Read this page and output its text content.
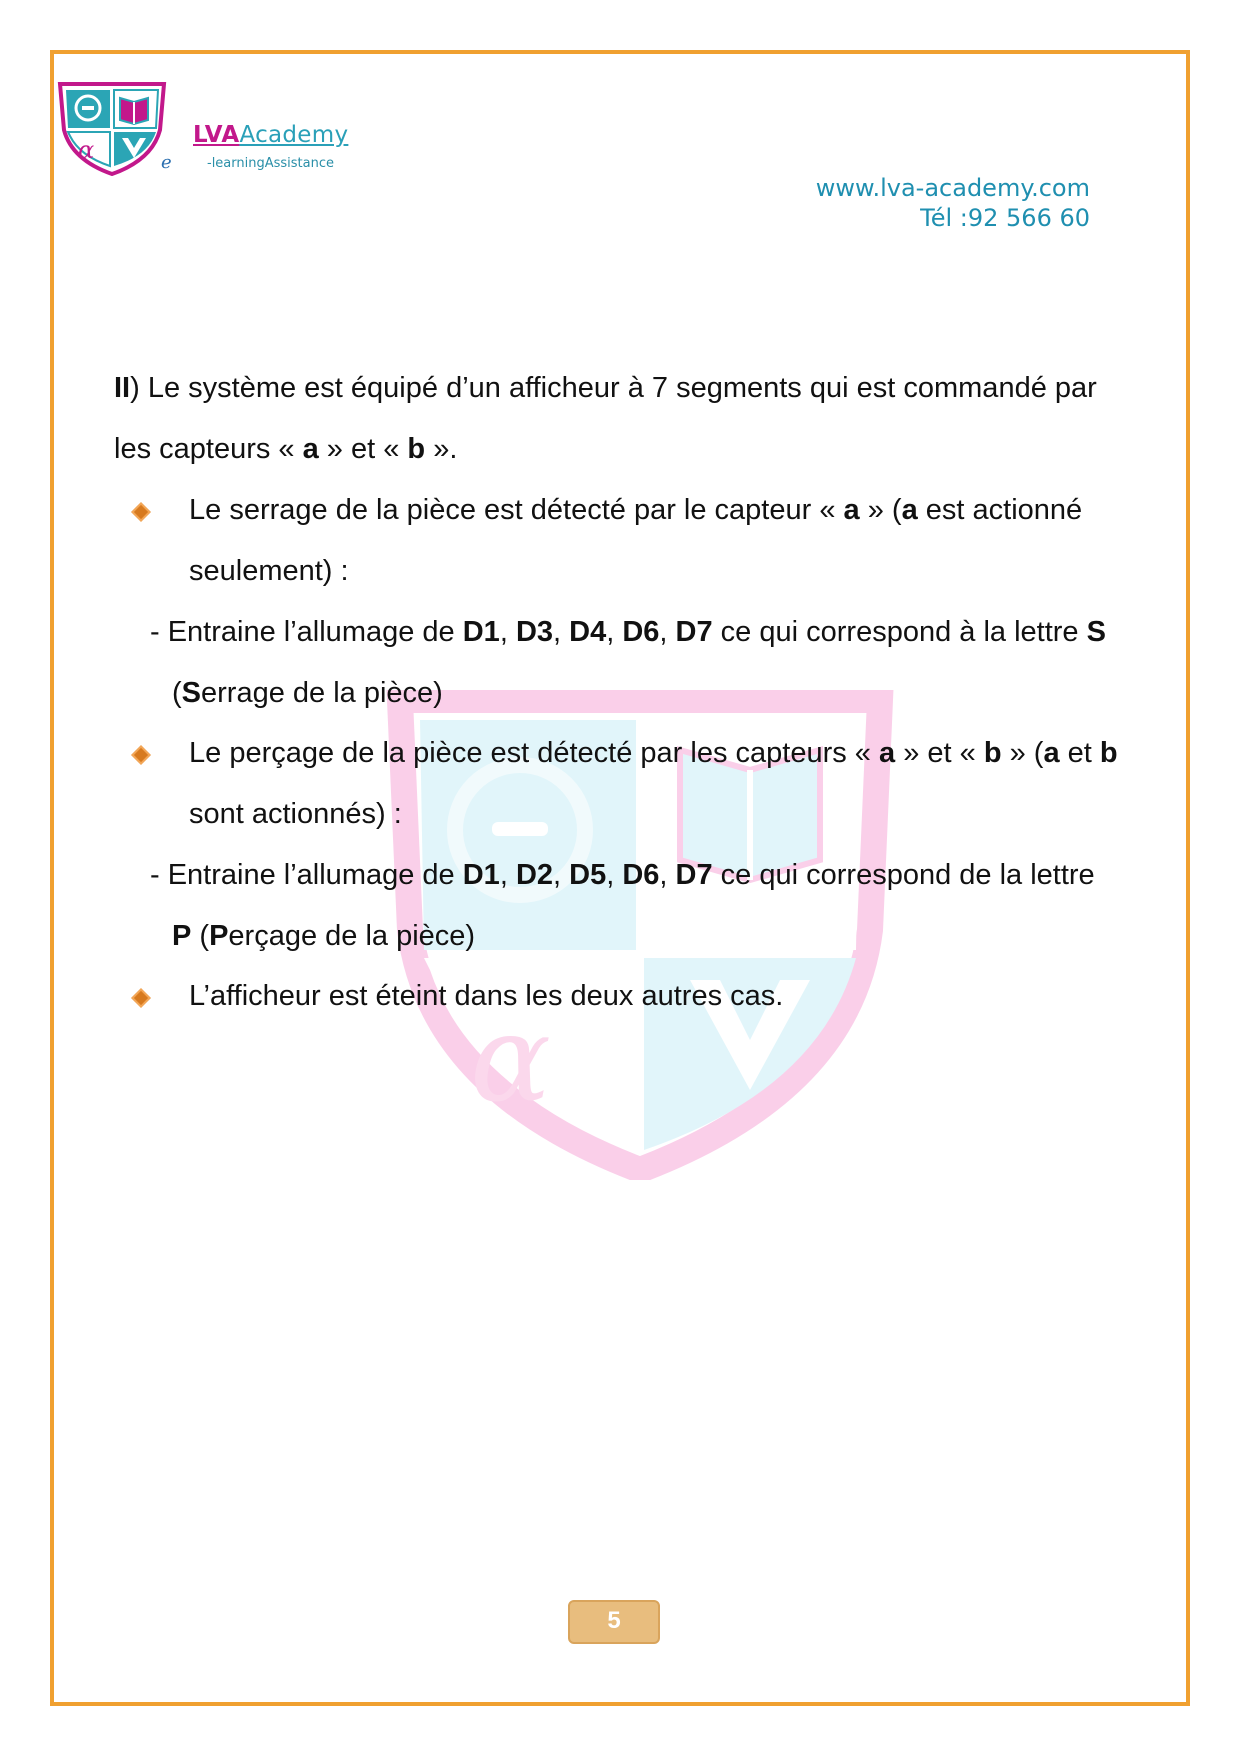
α
LVAAcademy
e	-learningAssistance
www.lva-academy.com
Tél :92 566 60
α
II) Le système est équipé d’un afficheur à 7 segments qui est commandé par
les capteurs « a » et « b ».
Le serrage de la pièce est détecté par le capteur « a » (a est actionné
seulement) :
- Entraine l’allumage de D1, D3, D4, D6, D7 ce qui correspond à la lettre S
(Serrage de la pièce)
Le perçage de la pièce est détecté par les capteurs « a » et « b » (a et b
sont actionnés) :
- Entraine l’allumage de D1, D2, D5, D6, D7 ce qui correspond de la lettre
P (Perçage de la pièce)
L’afficheur est éteint dans les deux autres cas.
5
